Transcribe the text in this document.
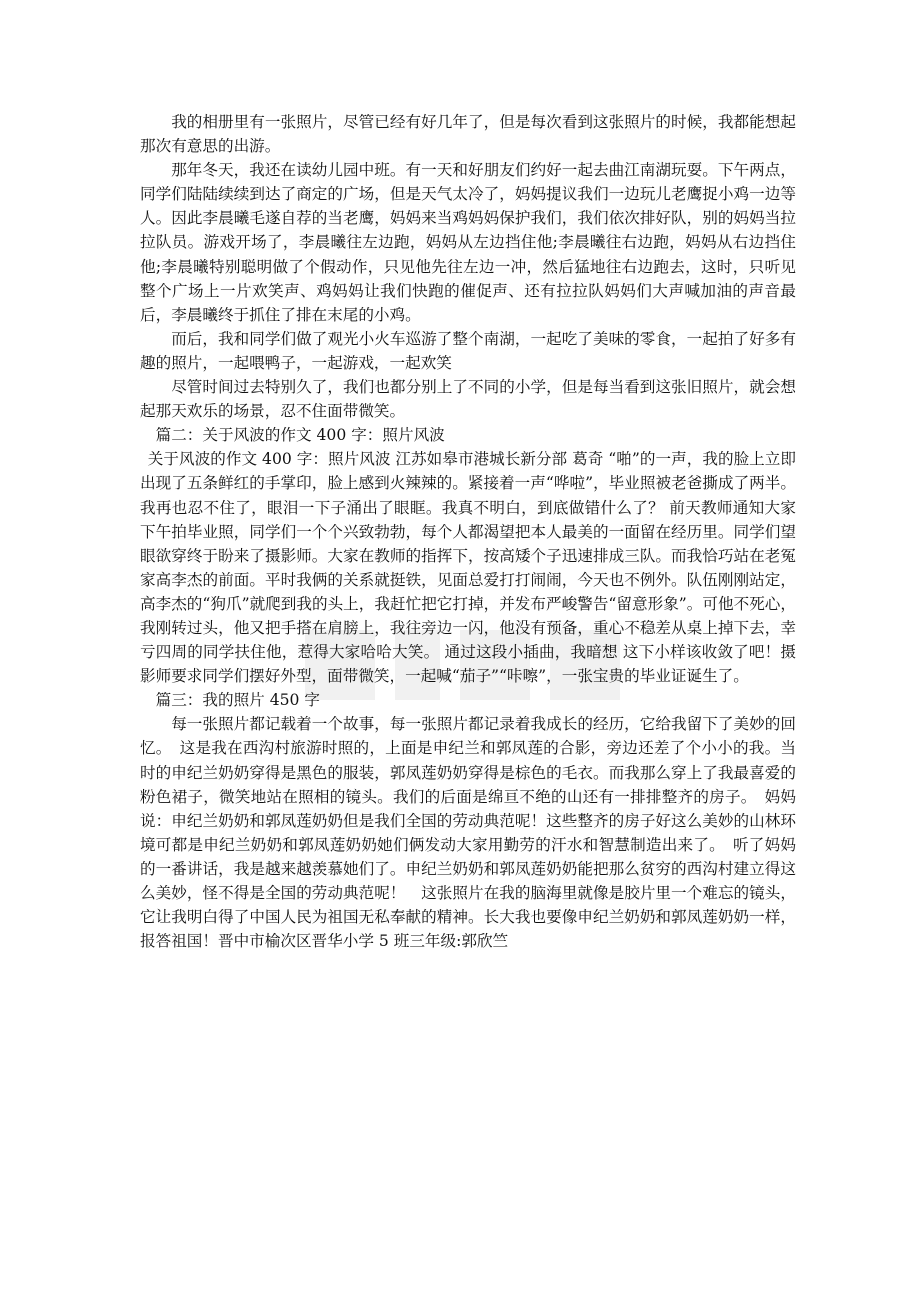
我的相册里有一张照片，尽管已经有好几年了，但是每次看到这张照片的时候，我都能想起那次有意思的出游。

那年冬天，我还在读幼儿园中班。有一天和好朋友们约好一起去曲江南湖玩耍。下午两点，同学们陆陆续续到达了商定的广场，但是天气太冷了，妈妈提议我们一边玩儿老鹰捉小鸡一边等人。因此李晨曦毛遂自荐的当老鹰，妈妈来当鸡妈妈保护我们，我们依次排好队，别的妈妈当拉拉队员。游戏开场了，李晨曦往左边跑，妈妈从左边挡住他;李晨曦往右边跑，妈妈从右边挡住他;李晨曦特别聪明做了个假动作，只见他先往左边一冲，然后猛地往右边跑去，这时，只听见整个广场上一片欢笑声、鸡妈妈让我们快跑的催促声、还有拉拉队妈妈们大声喊加油的声音最后，李晨曦终于抓住了排在末尾的小鸡。

而后，我和同学们做了观光小火车巡游了整个南湖，一起吃了美味的零食，一起拍了好多有趣的照片，一起喂鸭子，一起游戏，一起欢笑

尽管时间过去特别久了，我们也都分别上了不同的小学，但是每当看到这张旧照片，就会想起那天欢乐的场景，忍不住面带微笑。

篇二：关于风波的作文 400 字：照片风波

关于风波的作文 400 字：照片风波 江苏如皋市港城长新分部 葛奇 “啪”的一声，我的脸上立即出现了五条鲜红的手掌印，脸上感到火辣辣的。紧接着一声“哗啦”，毕业照被老爸撕成了两半。我再也忍不住了，眼泪一下子涌出了眼眶。我真不明白，到底做错什么了？ 前天教师通知大家下午拍毕业照，同学们一个个兴致勃勃，每个人都渴望把本人最美的一面留在经历里。同学们望眼欲穿终于盼来了摄影师。大家在教师的指挥下，按高矮个子迅速排成三队。而我恰巧站在老冤家高李杰的前面。平时我俩的关系就挺铁，见面总爱打打闹闹，今天也不例外。队伍刚刚站定，高李杰的“狗爪”就爬到我的头上，我赶忙把它打掉，并发布严峻警告“留意形象”。可他不死心，我刚转过头，他又把手搭在肩膀上，我往旁边一闪，他没有预备，重心不稳差从桌上掉下去，幸亏四周的同学扶住他，惹得大家哈哈大笑。 通过这段小插曲，我暗想 这下小样该收敛了吧！摄影师要求同学们摆好外型，面带微笑，一起喊“茄子”“咔嚓”，一张宝贵的毕业证诞生了。

篇三：我的照片 450 字

每一张照片都记载着一个故事，每一张照片都记录着我成长的经历，它给我留下了美妙的回忆。　这是我在西沟村旅游时照的，上面是申纪兰和郭凤莲的合影，旁边还差了个小小的我。当时的申纪兰奶奶穿得是黑色的服装，郭凤莲奶奶穿得是棕色的毛衣。而我那么穿上了我最喜爱的粉色裙子，微笑地站在照相的镜头。我们的后面是绵亘不绝的山还有一排排整齐的房子。　妈妈说：申纪兰奶奶和郭凤莲奶奶但是我们全国的劳动典范呢！这些整齐的房子好这么美妙的山林环境可都是申纪兰奶奶和郭凤莲奶奶她们俩发动大家用勤劳的汗水和智慧制造出来了。　听了妈妈的一番讲话，我是越来越羡慕她们了。申纪兰奶奶和郭凤莲奶奶能把那么贫穷的西沟村建立得这么美妙，怪不得是全国的劳动典范呢！　这张照片在我的脑海里就像是胶片里一个难忘的镜头，它让我明白得了中国人民为祖国无私奉献的精神。长大我也要像申纪兰奶奶和郭凤莲奶奶一样，报答祖国！晋中市榆次区晋华小学 5 班三年级:郭欣竺
